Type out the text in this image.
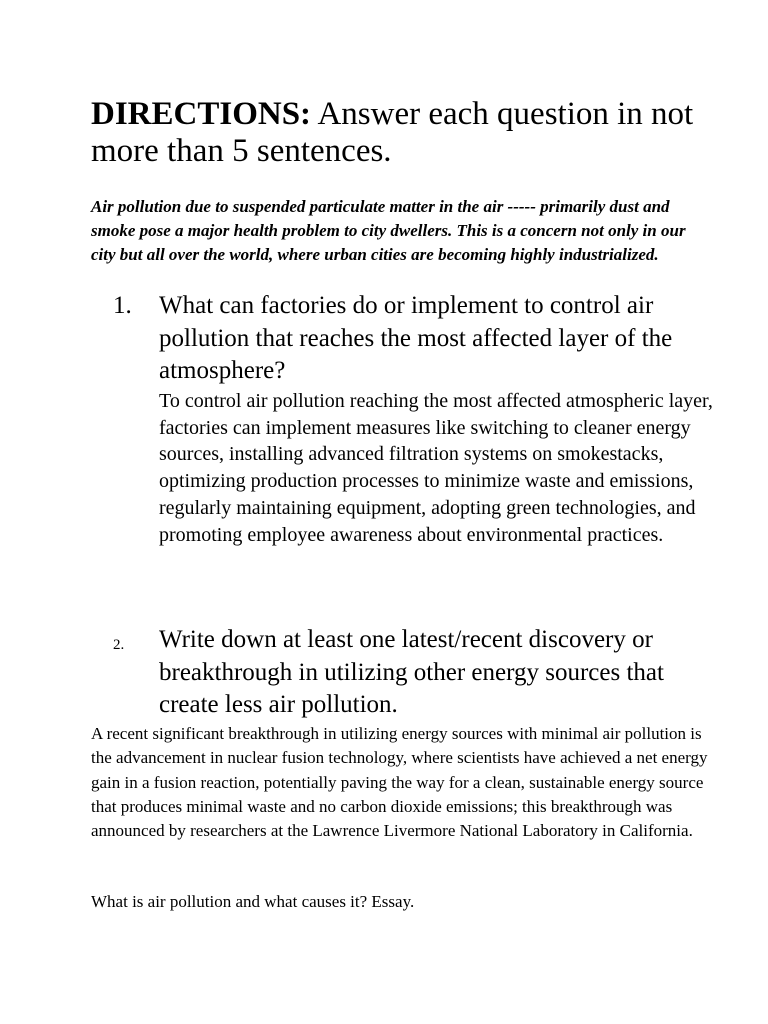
DIRECTIONS: Answer each question in not more than 5 sentences.

Air pollution due to suspended particulate matter in the air ----- primarily dust and smoke pose a major health problem to city dwellers. This is a concern not only in our city but all over the world, where urban cities are becoming highly industrialized.

1. What can factories do or implement to control air pollution that reaches the most affected layer of the atmosphere?

To control air pollution reaching the most affected atmospheric layer, factories can implement measures like switching to cleaner energy sources, installing advanced filtration systems on smokestacks, optimizing production processes to minimize waste and emissions, regularly maintaining equipment, adopting green technologies, and promoting employee awareness about environmental practices.

2. Write down at least one latest/recent discovery or breakthrough in utilizing other energy sources that create less air pollution.

A recent significant breakthrough in utilizing energy sources with minimal air pollution is the advancement in nuclear fusion technology, where scientists have achieved a net energy gain in a fusion reaction, potentially paving the way for a clean, sustainable energy source that produces minimal waste and no carbon dioxide emissions; this breakthrough was announced by researchers at the Lawrence Livermore National Laboratory in California.

What is air pollution and what causes it? Essay.
